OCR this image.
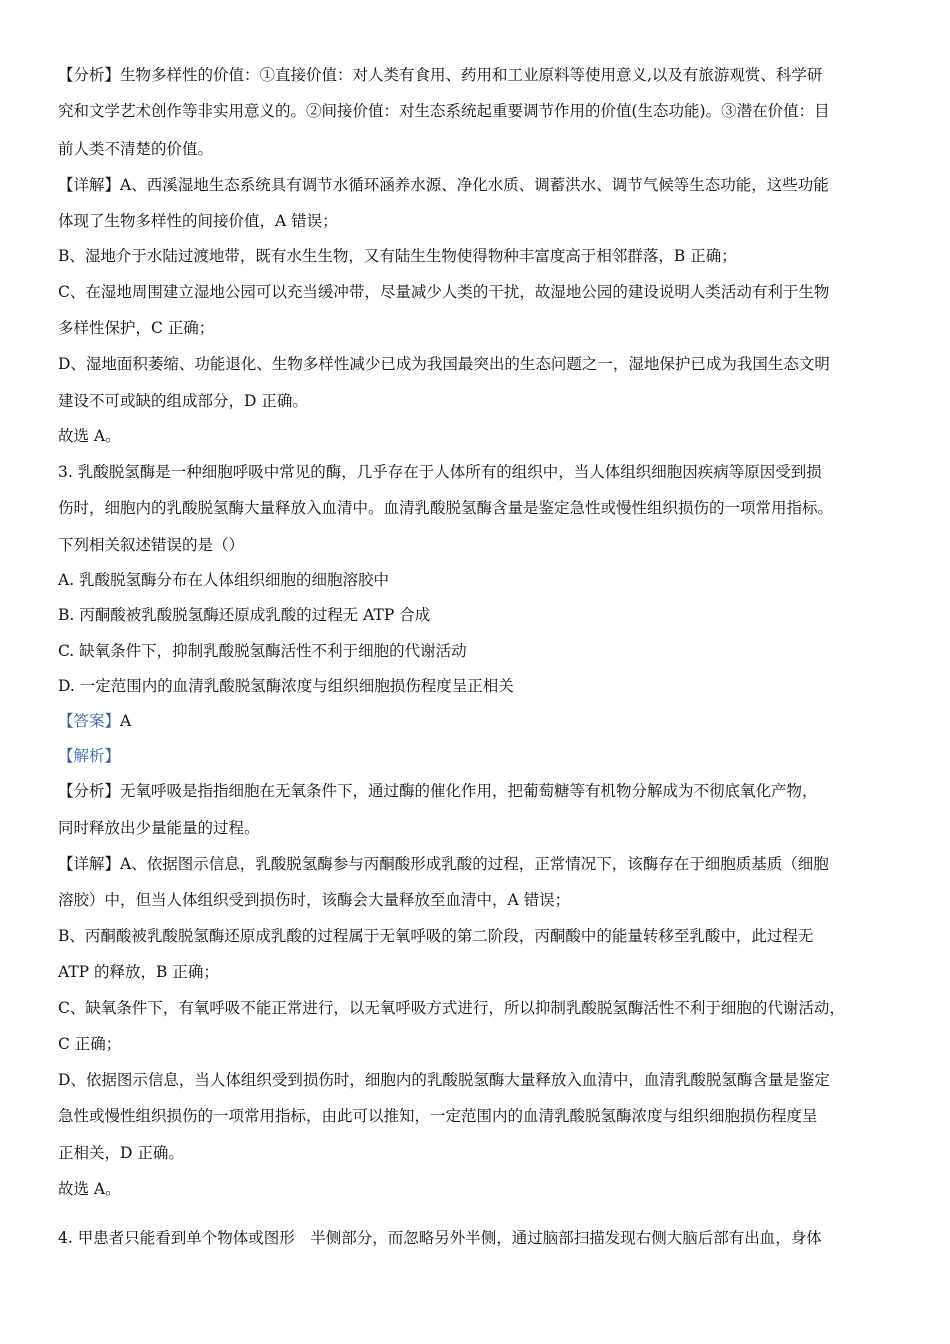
【分析】生物多样性的价值：①直接价值：对人类有食用、药用和工业原料等使用意义,以及有旅游观赏、科学研
究和文学艺术创作等非实用意义的。②间接价值：对生态系统起重要调节作用的价值(生态功能)。③潜在价值：目
前人类不清楚的价值。
【详解】A、西溪湿地生态系统具有调节水循环涵养水源、净化水质、调蓄洪水、调节气候等生态功能，这些功能
体现了生物多样性的间接价值，A 错误；
B、湿地介于水陆过渡地带，既有水生生物，又有陆生生物使得物种丰富度高于相邻群落，B 正确；
C、在湿地周围建立湿地公园可以充当缓冲带，尽量减少人类的干扰，故湿地公园的建设说明人类活动有利于生物
多样性保护，C 正确；
D、湿地面积萎缩、功能退化、生物多样性减少已成为我国最突出的生态问题之一，湿地保护已成为我国生态文明
建设不可或缺的组成部分，D 正确。
故选 A。
3. 乳酸脱氢酶是一种细胞呼吸中常见的酶，几乎存在于人体所有的组织中，当人体组织细胞因疾病等原因受到损
伤时，细胞内的乳酸脱氢酶大量释放入血清中。血清乳酸脱氢酶含量是鉴定急性或慢性组织损伤的一项常用指标。
下列相关叙述错误的是（）
A. 乳酸脱氢酶分布在人体组织细胞的细胞溶胶中
B. 丙酮酸被乳酸脱氢酶还原成乳酸的过程无 ATP 合成
C. 缺氧条件下，抑制乳酸脱氢酶活性不利于细胞的代谢活动
D. 一定范围内的血清乳酸脱氢酶浓度与组织细胞损伤程度呈正相关
【答案】A
【解析】
【分析】无氧呼吸是指指细胞在无氧条件下，通过酶的催化作用，把葡萄糖等有机物分解成为不彻底氧化产物，
同时释放出少量能量的过程。
【详解】A、依据图示信息，乳酸脱氢酶参与丙酮酸形成乳酸的过程，正常情况下，该酶存在于细胞质基质（细胞
溶胶）中，但当人体组织受到损伤时，该酶会大量释放至血清中，A 错误；
B、丙酮酸被乳酸脱氢酶还原成乳酸的过程属于无氧呼吸的第二阶段，丙酮酸中的能量转移至乳酸中，此过程无
ATP 的释放，B 正确；
C、缺氧条件下，有氧呼吸不能正常进行，以无氧呼吸方式进行，所以抑制乳酸脱氢酶活性不利于细胞的代谢活动，
C 正确；
D、依据图示信息，当人体组织受到损伤时，细胞内的乳酸脱氢酶大量释放入血清中，血清乳酸脱氢酶含量是鉴定
急性或慢性组织损伤的一项常用指标，由此可以推知，一定范围内的血清乳酸脱氢酶浓度与组织细胞损伤程度呈
正相关，D 正确。
故选 A。
4. 甲患者只能看到单个物体或图形　半侧部分，而忽略另外半侧，通过脑部扫描发现右侧大脑后部有出血，身体
